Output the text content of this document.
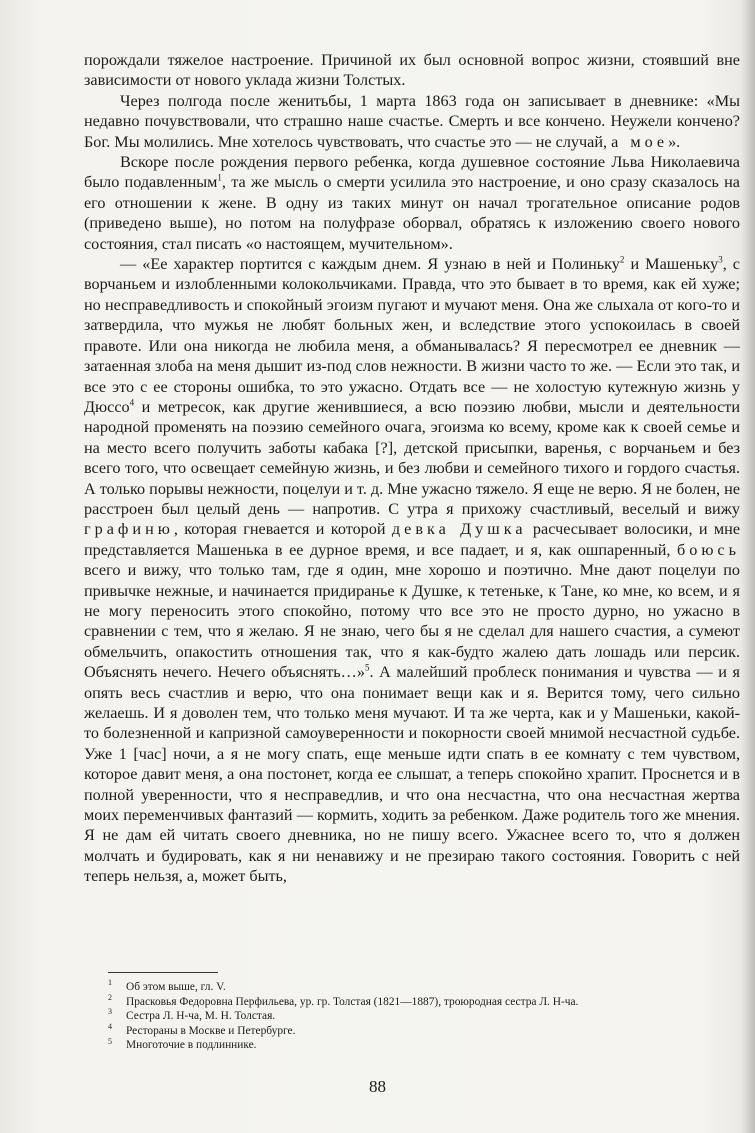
порождали тяжелое настроение. Причиной их был основной вопрос жизни, стоявший вне зависимости от нового уклада жизни Толстых.

Через полгода после женитьбы, 1 марта 1863 года он записывает в дневнике: «Мы недавно почувствовали, что страшно наше счастье. Смерть и все кончено. Неужели кончено? Бог. Мы молились. Мне хотелось чувствовать, что счастье это — не случай, а мое».

Вскоре после рождения первого ребенка, когда душевное состояние Льва Николаевича было подавленным$^1$, та же мысль о смерти усилила это настроение, и оно сразу сказалось на его отношении к жене. В одну из таких минут он начал трогательное описание родов (приведено выше), но потом на полуфразе оборвал, обратясь к изложению своего нового состояния, стал писать «о настоящем, мучительном».

— «Ее характер портится с каждым днем. Я узнаю в ней и Полиньку$^2$ и Машеньку$^3$, с ворчаньем и излобленными колокольчиками. Правда, что это бывает в то время, как ей хуже; но несправедливость и спокойный эгоизм пугают и мучают меня. Она же слыхала от кого-то и затвердила, что мужья не любят больных жен, и вследствие этого успокоилась в своей правоте. Или она никогда не любила меня, а обманывалась? Я пересмотрел ее дневник — затаенная злоба на меня дышит из-под слов нежности. В жизни часто то же. — Если это так, и все это с ее стороны ошибка, то это ужасно. Отдать все — не холостую кутежную жизнь у Дюссо$^4$ и метресок, как другие женившиеся, а всю поэзию любви, мысли и деятельности народной променять на поэзию семейного очага, эгоизма ко всему, кроме как к своей семье и на место всего получить заботы кабака [?], детской присыпки, варенья, с ворчаньем и без всего того, что освещает семейную жизнь, и без любви и семейного тихого и гордого счастья. А только порывы нежности, поцелуи и т. д. Мне ужасно тяжело. Я еще не верю. Я не болен, не расстроен был целый день — напротив. С утра я прихожу счастливый, веселый и вижу графиню, которая гневается и которой девка Душка расчесывает волосики, и мне представляется Машенька в ее дурное время, и все падает, и я, как ошпаренный, боюсь всего и вижу, что только там, где я один, мне хорошо и поэтично. Мне дают поцелуи по привычке нежные, и начинается придиранье к Душке, к тетеньке, к Тане, ко мне, ко всем, и я не могу переносить этого спокойно, потому что все это не просто дурно, но ужасно в сравнении с тем, что я желаю. Я не знаю, чего бы я не сделал для нашего счастия, а сумеют обмельчить, опакостить отношения так, что я как-будто жалею дать лошадь или персик. Объяснять нечего. Нечего объяснять…»$^5$. А малейший проблеск понимания и чувства — и я опять весь счастлив и верю, что она понимает вещи как и я. Верится тому, чего сильно желаешь. И я доволен тем, что только меня мучают. И та же черта, как и у Машеньки, какой-то болезненной и капризной самоуверенности и покорности своей мнимой несчастной судьбе. Уже 1 [час] ночи, а я не могу спать, еще меньше идти спать в ее комнату с тем чувством, которое давит меня, а она постонет, когда ее слышат, а теперь спокойно храпит. Проснется и в полной уверенности, что я несправедлив, и что она несчастна, что она несчастная жертва моих переменчивых фантазий — кормить, ходить за ребенком. Даже родитель того же мнения. Я не дам ей читать своего дневника, но не пишу всего. Ужаснее всего то, что я должен молчать и будировать, как я ни ненавижу и не презираю такого состояния. Говорить с ней теперь нельзя, а, может быть,

1 Об этом выше, гл. V.
2 Прасковья Федоровна Перфильева, ур. гр. Толстая (1821—1887), троюродная сестра Л. Н-ча.
3 Сестра Л. Н-ча, М. Н. Толстая.
4 Рестораны в Москве и Петербурге.
5 Многоточие в подлиннике.
88
